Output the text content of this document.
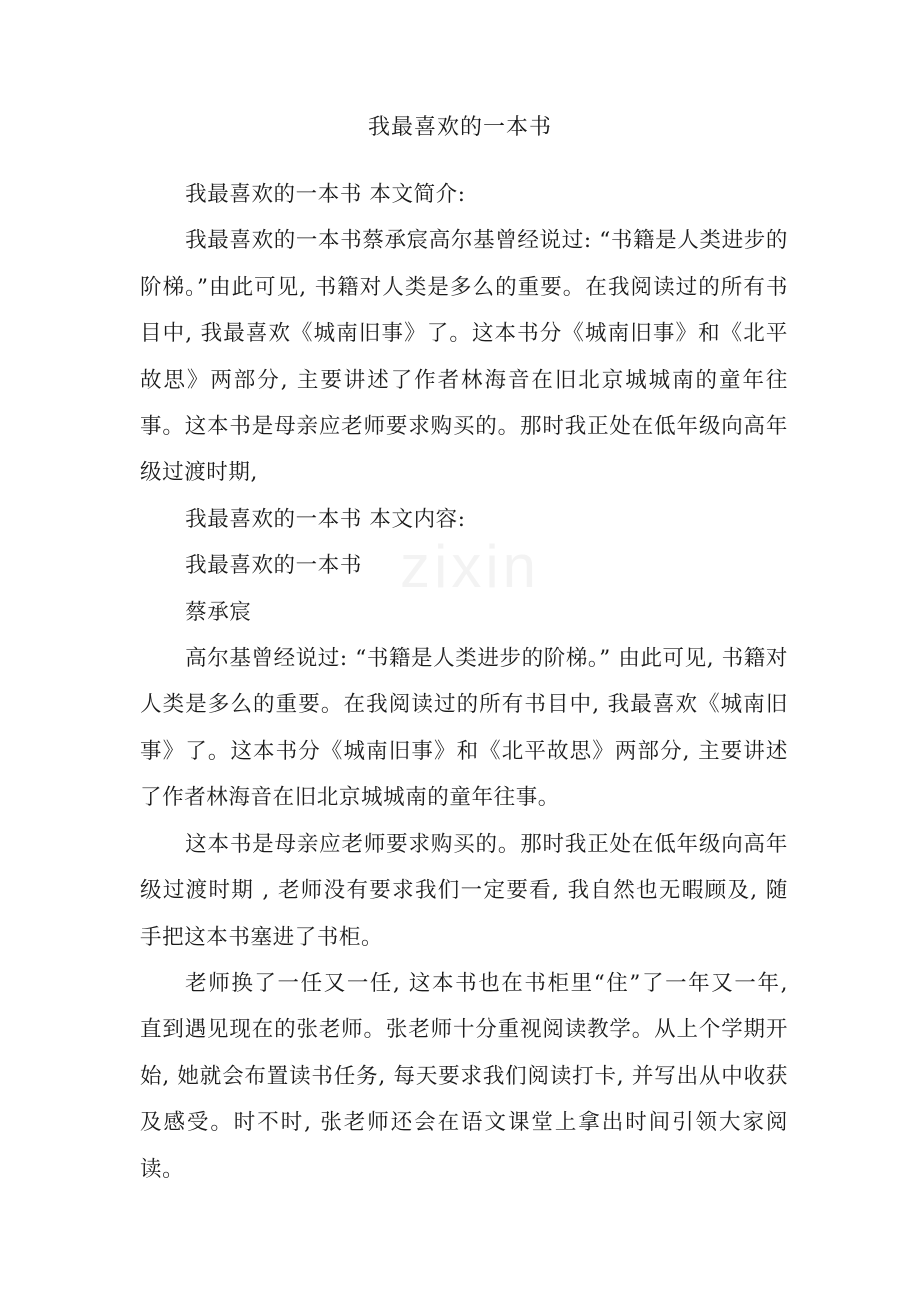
我最喜欢的一本书

我最喜欢的一本书 本文简介:

我最喜欢的一本书蔡承宸高尔基曾经说过: “书籍是人类进步的阶梯。”由此可见, 书籍对人类是多么的重要。在我阅读过的所有书目中, 我最喜欢《城南旧事》了。这本书分《城南旧事》和《北平故思》两部分, 主要讲述了作者林海音在旧北京城城南的童年往事。这本书是母亲应老师要求购买的。那时我正处在低年级向高年级过渡时期,

我最喜欢的一本书 本文内容:

我最喜欢的一本书

蔡承宸

高尔基曾经说过: “书籍是人类进步的阶梯。” 由此可见, 书籍对人类是多么的重要。在我阅读过的所有书目中, 我最喜欢《城南旧事》了。这本书分《城南旧事》和《北平故思》两部分, 主要讲述了作者林海音在旧北京城城南的童年往事。

这本书是母亲应老师要求购买的。那时我正处在低年级向高年级过渡时期 , 老师没有要求我们一定要看, 我自然也无暇顾及, 随手把这本书塞进了书柜。

老师换了一任又一任, 这本书也在书柜里“住”了一年又一年, 直到遇见现在的张老师。张老师十分重视阅读教学。从上个学期开始, 她就会布置读书任务, 每天要求我们阅读打卡, 并写出从中收获及感受。时不时, 张老师还会在语文课堂上拿出时间引领大家阅读。

zixin
